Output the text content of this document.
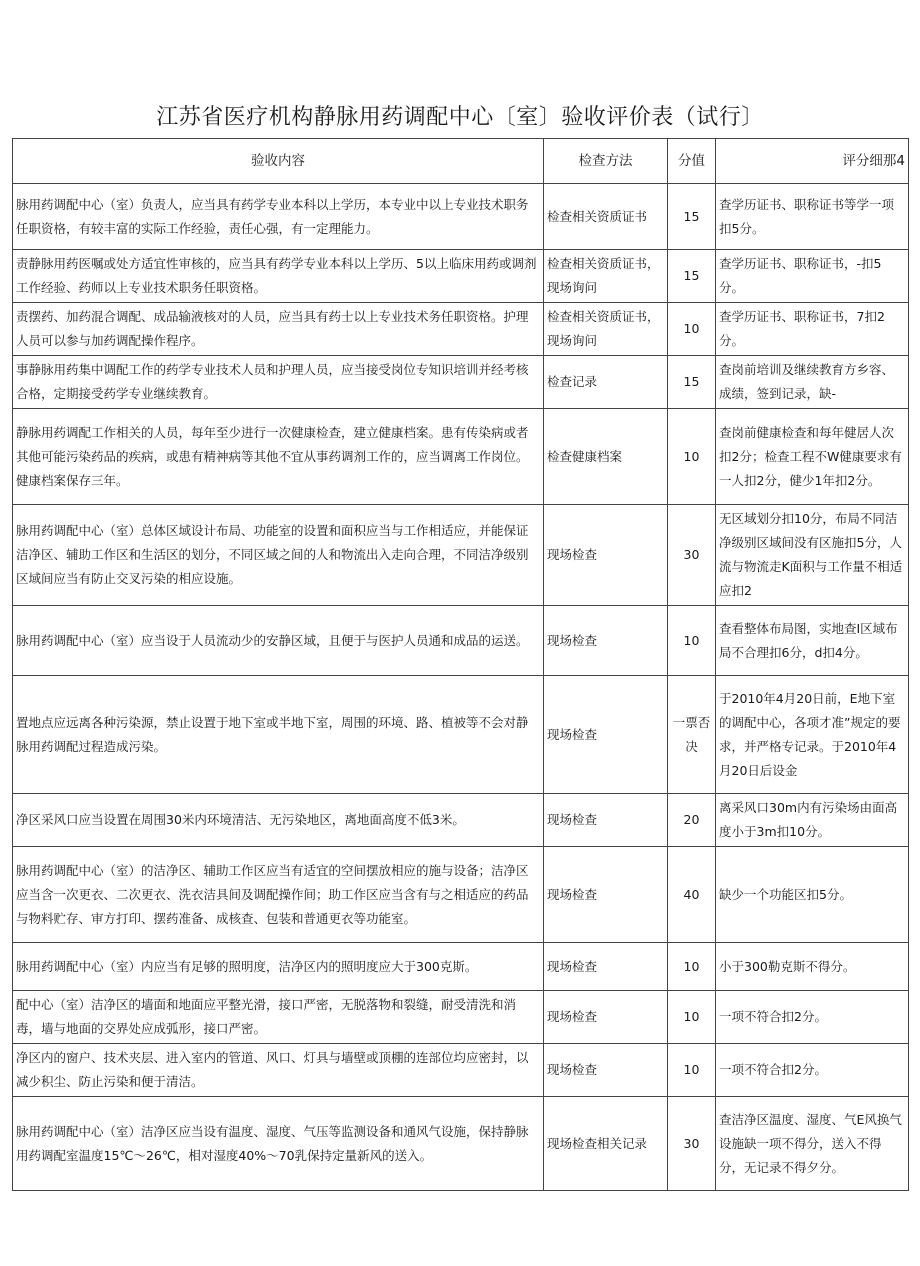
江苏省医疗机构静脉用药调配中心〔室〕验收评价表（试行〕
验收内容	检查方法	分值	评分细那4
脉用药调配中心（室）负责人，应当具有药学专业本科以上学历，本专业中以上专业技术职务任职资格，有较丰富的实际工作经验，责任心强，有一定理能力。	检查相关资质证书	15	查学历证书、职称证书等学一项扣5分。
责静脉用药医嘱或处方适宜性审核的，应当具有药学专业本科以上学历、5以上临床用药或调剂工作经验、药师以上专业技术职务任职资格。	检查相关资质证书，现场询问	15	查学历证书、职称证书，-扣5分。
责摆药、加药混合调配、成品输液核对的人员，应当具有药士以上专业技术务任职资格。护理人员可以参与加药调配操作程序。	检查相关资质证书，现场询问	10	查学历证书、职称证书，7扣2分。
事静脉用药集中调配工作的药学专业技术人员和护理人员，应当接受岗位专知识培训并经考核合格，定期接受药学专业继续教育。	检查记录	15	查岗前培训及继续教育方乡容、成绩，签到记录，缺-
静脉用药调配工作相关的人员，每年至少进行一次健康检查，建立健康档案。患有传染病或者其他可能污染药品的疾病，或患有精神病等其他不宜从事药调剂工作的，应当调离工作岗位。健康档案保存三年。	检查健康档案	10	查岗前健康检查和每年健居人次扣2分；检查工程不W健康要求有一人扣2分，健少1年扣2分。
脉用药调配中心（室）总体区域设计布局、功能室的设置和面积应当与工作相适应，并能保证洁净区、辅助工作区和生活区的划分，不同区域之间的人和物流出入走向合理，不同洁净级别区域间应当有防止交叉污染的相应设施。	现场检查	30	无区域划分扣10分，布局不同洁净级别区域间没有区施扣5分，人流与物流走K面积与工作量不相适应扣2
脉用药调配中心（室）应当设于人员流动少的安静区域，且便于与医护人员通和成品的运送。	现场检查	10	查看整体布局图，实地查I区域布局不合理扣6分，d扣4分。
置地点应远离各种污染源，禁止设置于地下室或半地下室，周围的环境、路、植被等不会对静脉用药调配过程造成污染。	现场检查	一票否决	于2010年4月20日前，E地下室的调配中心，各项才准”规定的要求，并严格专记录。于2010年4月20日后设金
净区采风口应当设置在周围30米内环境清洁、无污染地区，离地面高度不低3米。	现场检查	20	离采风口30m内有污染场由面高度小于3m扣10分。
脉用药调配中心（室）的洁净区、辅助工作区应当有适宜的空间摆放相应的施与设备；洁净区应当含一次更衣、二次更衣、洗衣洁具间及调配操作间；助工作区应当含有与之相适应的药品与物料贮存、审方打印、摆药准备、成核查、包装和普通更衣等功能室。	现场检查	40	缺少一个功能区扣5分。
脉用药调配中心（室）内应当有足够的照明度，洁净区内的照明度应大于300克斯。	现场检查	10	小于300勒克斯不得分。
配中心（室）洁净区的墙面和地面应平整光滑，接口严密，无脱落物和裂缝，耐受清洗和消毒，墙与地面的交界处应成弧形，接口严密。	现场检查	10	一项不符合扣2分。
净区内的窗户、技术夹层、进入室内的管道、风口、灯具与墙壁或顶棚的连部位均应密封，以减少积尘、防止污染和便于清洁。	现场检查	10	一项不符合扣2分。
脉用药调配中心（室）洁净区应当设有温度、湿度、气压等监测设备和通风气设施，保持静脉用药调配室温度15℃～26℃，相对湿度40%～70乳保持定量新风的送入。	现场检查相关记录	30	查洁净区温度、湿度、气E风换气设施缺一项不得分，送入不得分，无记录不得夕分。
